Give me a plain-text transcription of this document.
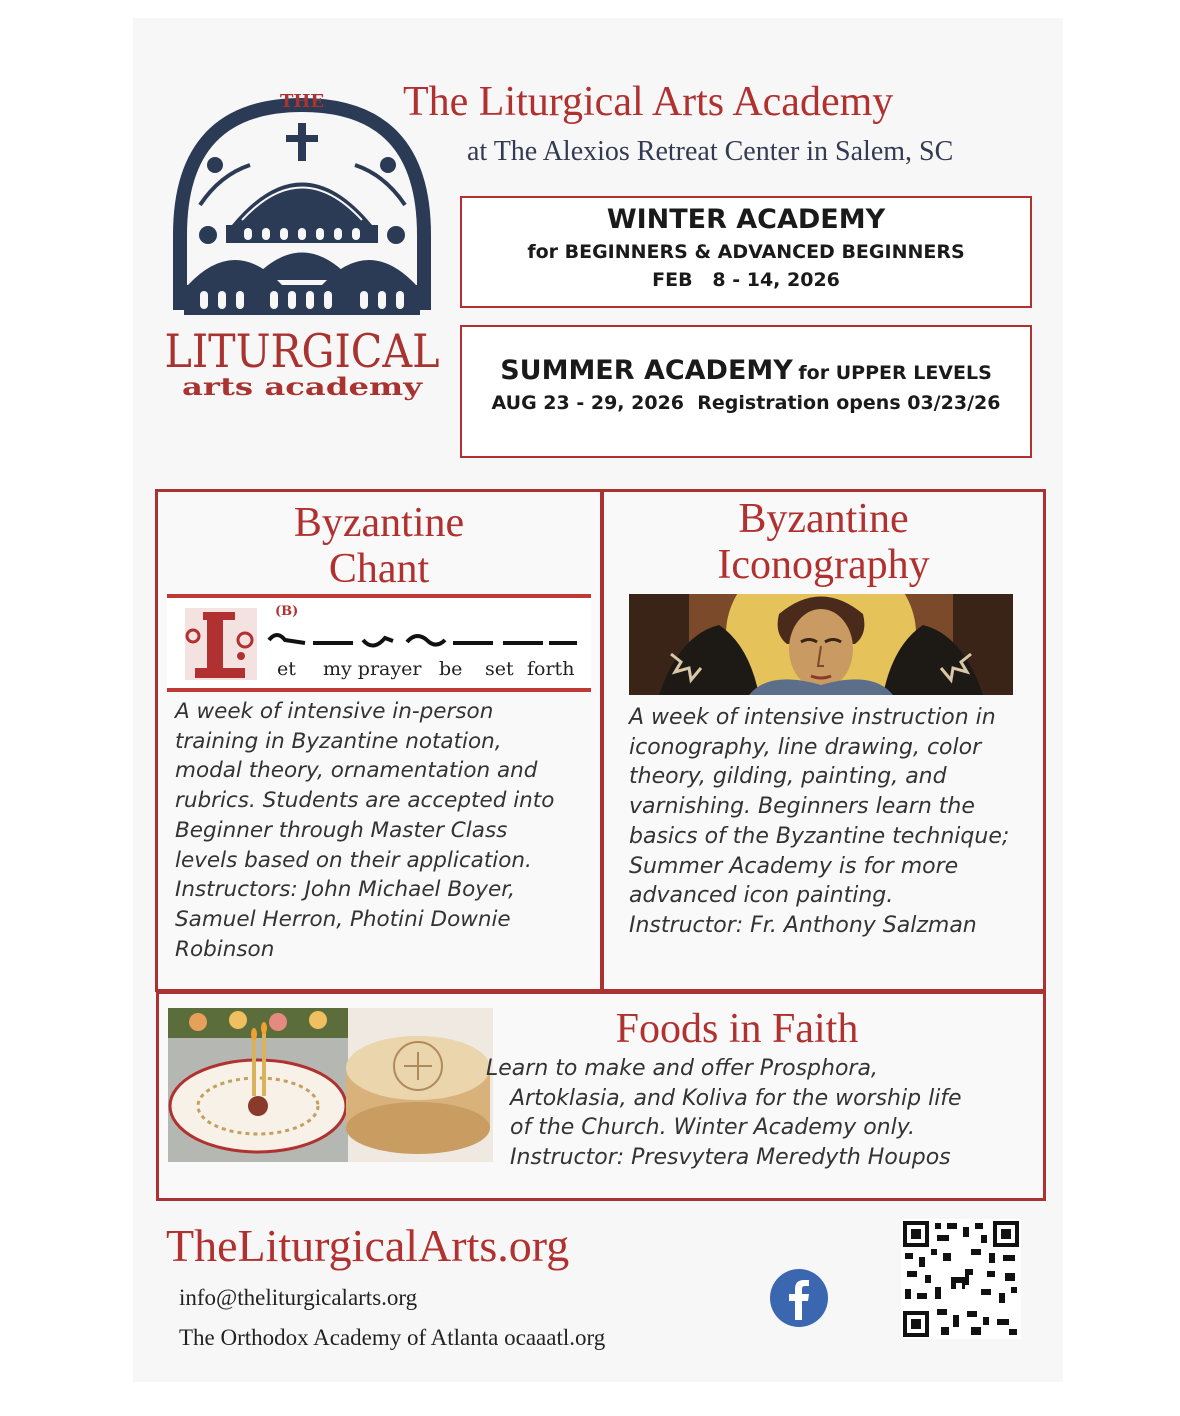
THE
LITURGICAL
arts academy
The Liturgical Arts Academy
at The Alexios Retreat Center in Salem, SC
WINTER ACADEMY
for BEGINNERS & ADVANCED BEGINNERS
FEB   8 - 14, 2026
SUMMER ACADEMY for UPPER LEVELS
AUG 23 - 29, 2026 Registration opens 03/23/26
Byzantine
Chant
(B)
et my prayer be set forth
A week of intensive in-person
training in Byzantine notation,
modal theory, ornamentation and
rubrics. Students are accepted into
Beginner through Master Class
levels based on their application.
Instructors: John Michael Boyer,
Samuel Herron, Photini Downie
Robinson
Byzantine
Iconography
A week of intensive instruction in
iconography, line drawing, color
theory, gilding, painting, and
varnishing. Beginners learn the
basics of the Byzantine technique;
Summer Academy is for more
advanced icon painting.
Instructor: Fr. Anthony Salzman
Foods in Faith
Learn to make and offer Prosphora,
Artoklasia, and Koliva for the worship life
of the Church. Winter Academy only.
Instructor: Presvytera Meredyth Houpos
TheLiturgicalArts.org
info@theliturgicalarts.org
The Orthodox Academy of Atlanta ocaaatl.org
